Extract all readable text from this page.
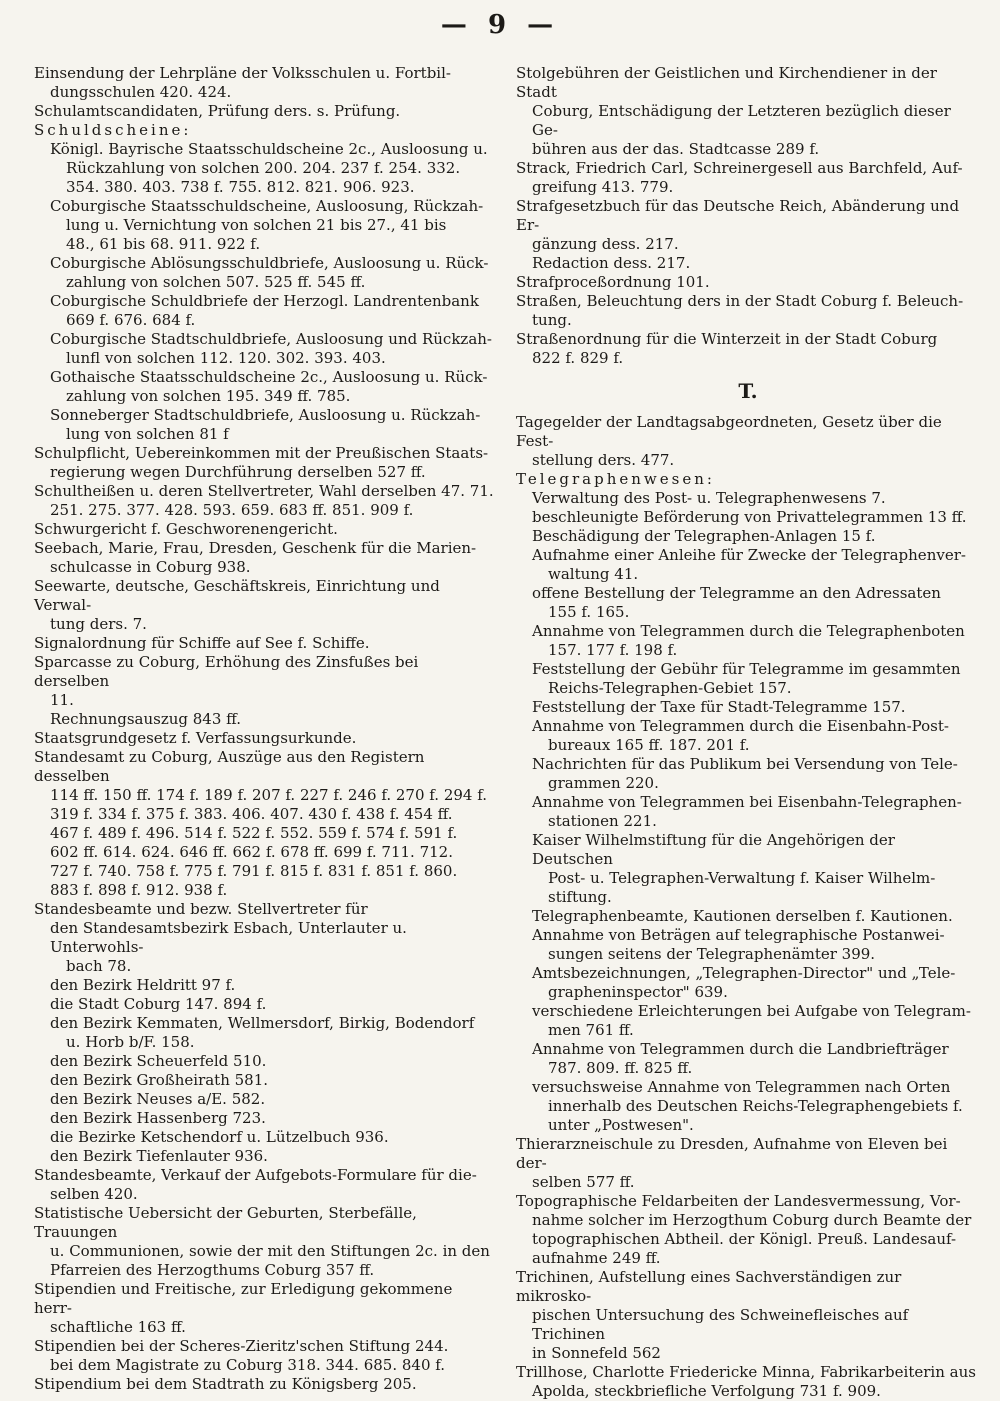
— 9 —
Einsendung der Lehrpläne der Volksschulen u. Fortbil-
dungsschulen 420. 424.
Schulamtscandidaten, Prüfung ders. s. Prüfung.
Schuldscheine:
Königl. Bayrische Staatsschuldscheine 2c., Ausloosung u.
Rückzahlung von solchen 200. 204. 237 f. 254. 332.
354. 380. 403. 738 f. 755. 812. 821. 906. 923.
Coburgische Staatsschuldscheine, Ausloosung, Rückzah-
lung u. Vernichtung von solchen 21 bis 27., 41 bis
48., 61 bis 68. 911. 922 f.
Coburgische Ablösungsschuldbriefe, Ausloosung u. Rück-
zahlung von solchen 507. 525 ff. 545 ff.
Coburgische Schuldbriefe der Herzogl. Landrentenbank
669 f. 676. 684 f.
Coburgische Stadtschuldbriefe, Ausloosung und Rückzah-
lunfl von solchen 112. 120. 302. 393. 403.
Gothaische Staatsschuldscheine 2c., Ausloosung u. Rück-
zahlung von solchen 195. 349 ff. 785.
Sonneberger Stadtschuldbriefe, Ausloosung u. Rückzah-
lung von solchen 81 f
Schulpflicht, Uebereinkommen mit der Preußischen Staats-
regierung wegen Durchführung derselben 527 ff.
Schultheißen u. deren Stellvertreter, Wahl derselben 47. 71.
251. 275. 377. 428. 593. 659. 683 ff. 851. 909 f.
Schwurgericht f. Geschworenengericht.
Seebach, Marie, Frau, Dresden, Geschenk für die Marien-
schulcasse in Coburg 938.
Seewarte, deutsche, Geschäftskreis, Einrichtung und Verwal-
tung ders. 7.
Signalordnung für Schiffe auf See f. Schiffe.
Sparcasse zu Coburg, Erhöhung des Zinsfußes bei derselben
11.
Rechnungsauszug 843 ff.
Staatsgrundgesetz f. Verfassungsurkunde.
Standesamt zu Coburg, Auszüge aus den Registern desselben
114 ff. 150 ff. 174 f. 189 f. 207 f. 227 f. 246 f. 270 f. 294 f.
319 f. 334 f. 375 f. 383. 406. 407. 430 f. 438 f. 454 ff.
467 f. 489 f. 496. 514 f. 522 f. 552. 559 f. 574 f. 591 f.
602 ff. 614. 624. 646 ff. 662 f. 678 ff. 699 f. 711. 712.
727 f. 740. 758 f. 775 f. 791 f. 815 f. 831 f. 851 f. 860.
883 f. 898 f. 912. 938 f.
Standesbeamte und bezw. Stellvertreter für
den Standesamtsbezirk Esbach, Unterlauter u. Unterwohls-
bach 78.
den Bezirk Heldritt 97 f.
die Stadt Coburg 147. 894 f.
den Bezirk Kemmaten, Wellmersdorf, Birkig, Bodendorf
u. Horb b/F. 158.
den Bezirk Scheuerfeld 510.
den Bezirk Großheirath 581.
den Bezirk Neuses a/E. 582.
den Bezirk Hassenberg 723.
die Bezirke Ketschendorf u. Lützelbuch 936.
den Bezirk Tiefenlauter 936.
Standesbeamte, Verkauf der Aufgebots-Formulare für die-
selben 420.
Statistische Uebersicht der Geburten, Sterbefälle, Trauungen
u. Communionen, sowie der mit den Stiftungen 2c. in den
Pfarreien des Herzogthums Coburg 357 ff.
Stipendien und Freitische, zur Erledigung gekommene herr-
schaftliche 163 ff.
Stipendien bei der Scheres-Zieritz'schen Stiftung 244.
bei dem Magistrate zu Coburg 318. 344. 685. 840 f.
Stipendium bei dem Stadtrath zu Königsberg 205.
Stolgebühren der Geistlichen und Kirchendiener in der Stadt
Coburg, Entschädigung der Letzteren bezüglich dieser Ge-
bühren aus der das. Stadtcasse 289 f.
Strack, Friedrich Carl, Schreinergesell aus Barchfeld, Auf-
greifung 413. 779.
Strafgesetzbuch für das Deutsche Reich, Abänderung und Er-
gänzung dess. 217.
Redaction dess. 217.
Strafproceßordnung 101.
Straßen, Beleuchtung ders in der Stadt Coburg f. Beleuch-
tung.
Straßenordnung für die Winterzeit in der Stadt Coburg
822 f. 829 f.
T.
Tagegelder der Landtagsabgeordneten, Gesetz über die Fest-
stellung ders. 477.
Telegraphenwesen:
Verwaltung des Post- u. Telegraphenwesens 7.
beschleunigte Beförderung von Privattelegrammen 13 ff.
Beschädigung der Telegraphen-Anlagen 15 f.
Aufnahme einer Anleihe für Zwecke der Telegraphenver-
waltung 41.
offene Bestellung der Telegramme an den Adressaten
155 f. 165.
Annahme von Telegrammen durch die Telegraphenboten
157. 177 f. 198 f.
Feststellung der Gebühr für Telegramme im gesammten
Reichs-Telegraphen-Gebiet 157.
Feststellung der Taxe für Stadt-Telegramme 157.
Annahme von Telegrammen durch die Eisenbahn-Post-
bureaux 165 ff. 187. 201 f.
Nachrichten für das Publikum bei Versendung von Tele-
grammen 220.
Annahme von Telegrammen bei Eisenbahn-Telegraphen-
stationen 221.
Kaiser Wilhelmstiftung für die Angehörigen der Deutschen
Post- u. Telegraphen-Verwaltung f. Kaiser Wilhelm-
stiftung.
Telegraphenbeamte, Kautionen derselben f. Kautionen.
Annahme von Beträgen auf telegraphische Postanwei-
sungen seitens der Telegraphenämter 399.
Amtsbezeichnungen, „Telegraphen-Director" und „Tele-
grapheninspector" 639.
verschiedene Erleichterungen bei Aufgabe von Telegram-
men 761 ff.
Annahme von Telegrammen durch die Landbriefträger
787. 809. ff. 825 ff.
versuchsweise Annahme von Telegrammen nach Orten
innerhalb des Deutschen Reichs-Telegraphengebiets f.
unter „Postwesen".
Thierarzneischule zu Dresden, Aufnahme von Eleven bei der-
selben 577 ff.
Topographische Feldarbeiten der Landesvermessung, Vor-
nahme solcher im Herzogthum Coburg durch Beamte der
topographischen Abtheil. der Königl. Preuß. Landesauf-
aufnahme 249 ff.
Trichinen, Aufstellung eines Sachverständigen zur mikrosko-
pischen Untersuchung des Schweinefleisches auf Trichinen
in Sonnefeld 562
Trillhose, Charlotte Friedericke Minna, Fabrikarbeiterin aus
Apolda, steckbriefliche Verfolgung 731 f. 909.
